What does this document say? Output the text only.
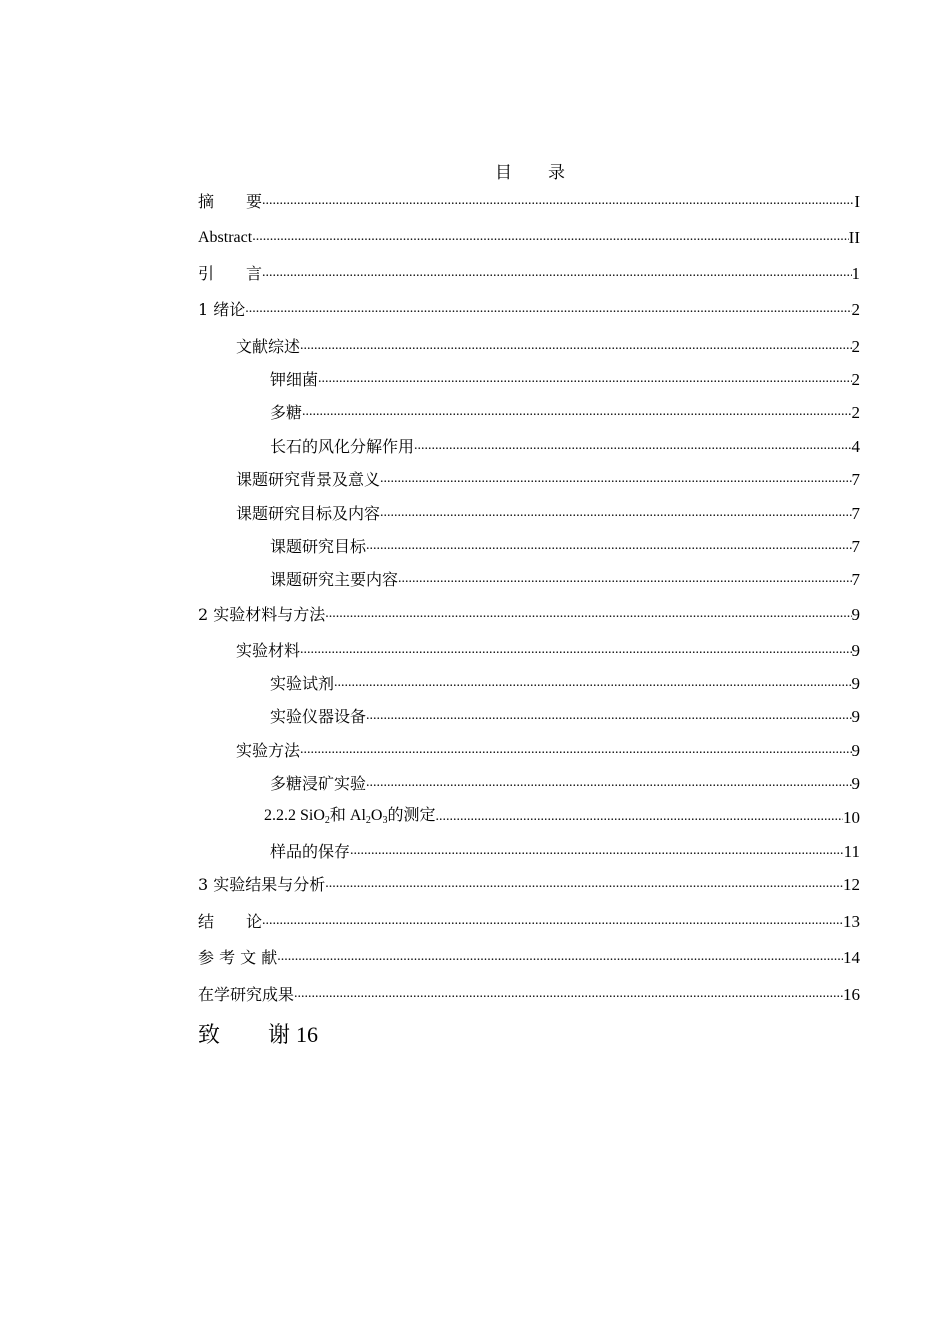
目 录
摘　　要 .....	I
Abstract .....	II
引　　言 .....	1
1 绪论 .....	2
文献综述 .....	2
钾细菌 .....	2
多糖 .....	2
长石的风化分解作用 .....	4
课题研究背景及意义 .....	7
课题研究目标及内容 .....	7
课题研究目标 .....	7
课题研究主要内容 .....	7
2 实验材料与方法 .....	9
实验材料 .....	9
实验试剂 .....	9
实验仪器设备 .....	9
实验方法 .....	9
多糖浸矿实验 .....	9
2.2.2 SiO$_2$和 $Al_2O_3$的测定 .....	10
样品的保存 .....	11
3 实验结果与分析 .....	12
结　　论 .....	13
参 考 文 献 .....	14
在学研究成果 .....	16
致 谢 16
